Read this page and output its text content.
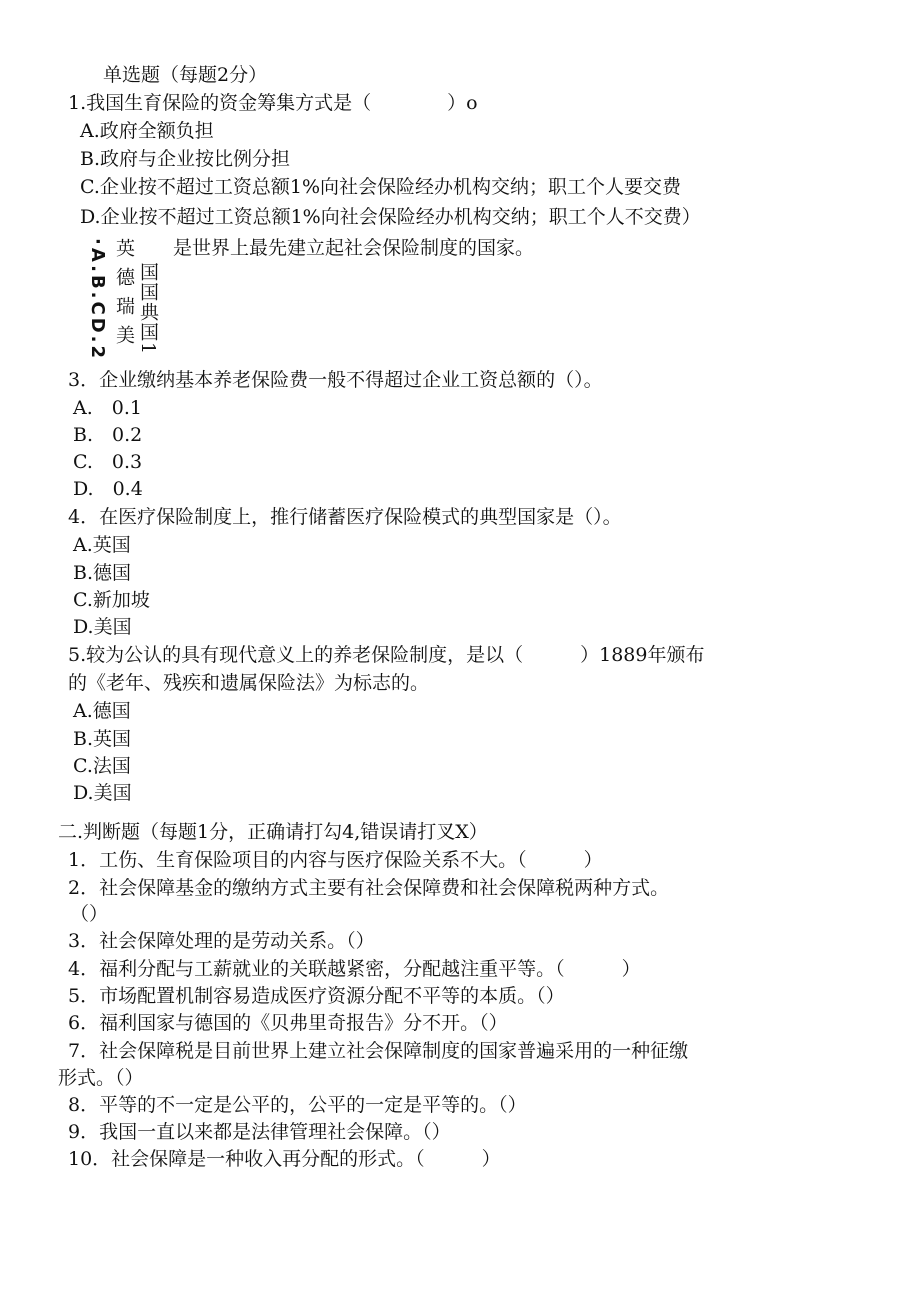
单选题（每题2分）
1.我国生育保险的资金筹集方式是（　　　　）o
A.政府全额负担
B.政府与企业按比例分担
C.企业按不超过工资总额1%向社会保险经办机构交纳；职工个人要交费
D.企业按不超过工资总额1%向社会保险经办机构交纳；职工个人不交费）
·A.B.CD.2 英德瑞美 国国典国1
是世界上最先建立起社会保险制度的国家。
3．企业缴纳基本养老保险费一般不得超过企业工资总额的（）。
A.　0.1
B.　0.2
C.　0.3
D.　0.4
4．在医疗保险制度上，推行储蓄医疗保险模式的典型国家是（）。
A.英国
B.德国
C.新加坡
D.美国
5.较为公认的具有现代意义上的养老保险制度，是以（　　　）1889年颁布
的《老年、残疾和遗属保险法》为标志的。
A.德国
B.英国
C.法国
D.美国
二.判断题（每题1分，正确请打勾4,错误请打叉X）
1．工伤、生育保险项目的内容与医疗保险关系不大。（　　　）
2．社会保障基金的缴纳方式主要有社会保障费和社会保障税两种方式。
（）
3．社会保障处理的是劳动关系。（）
4．福利分配与工薪就业的关联越紧密，分配越注重平等。（　　　）
5．市场配置机制容易造成医疗资源分配不平等的本质。（）
6．福利国家与德国的《贝弗里奇报告》分不开。（）
7．社会保障税是目前世界上建立社会保障制度的国家普遍采用的一种征缴
形式。（）
8．平等的不一定是公平的，公平的一定是平等的。（）
9．我国一直以来都是法律管理社会保障。（）
10．社会保障是一种收入再分配的形式。（　　　）
